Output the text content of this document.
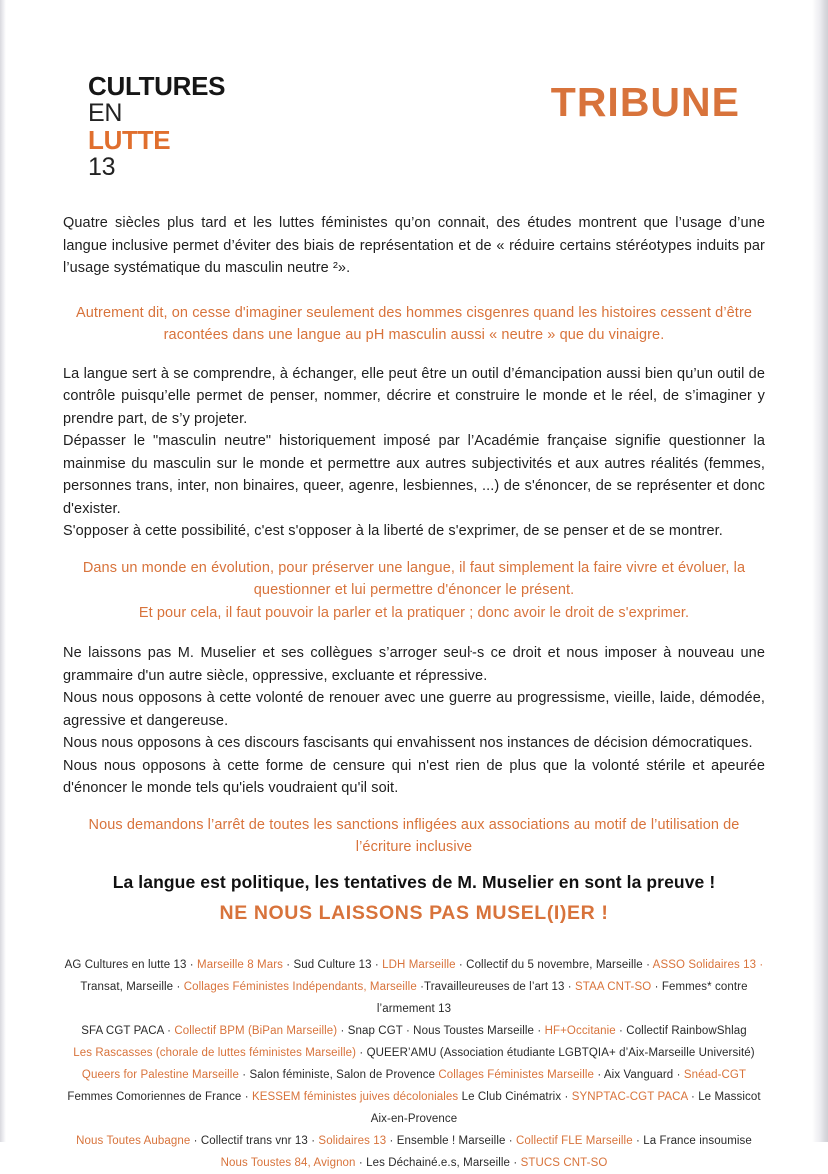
CULTURES
EN
LUTTE
13
TRIBUNE

Quatre siècles plus tard et les luttes féministes qu’on connait, des études montrent que l’usage d’une langue inclusive permet d’éviter des biais de représentation et de « réduire certains stéréotypes induits par l’usage systématique du masculin neutre ²».

Autrement dit, on cesse d'imaginer seulement des hommes cisgenres quand les histoires cessent d’être racontées dans une langue au pH masculin aussi « neutre » que du vinaigre.

La langue sert à se comprendre, à échanger, elle peut être un outil d’émancipation aussi bien qu’un outil de contrôle puisqu’elle permet de penser, nommer, décrire et construire le monde et le réel, de s’imaginer y prendre part, de s’y projeter.

Dépasser le "masculin neutre" historiquement imposé par l’Académie française signifie questionner la mainmise du masculin sur le monde et permettre aux autres subjectivités et aux autres réalités (femmes, personnes trans, inter, non binaires, queer, agenre, lesbiennes, ...) de s'énoncer, de se représenter et donc d'exister.

S'opposer à cette possibilité, c'est s'opposer à la liberté de s'exprimer, de se penser et de se montrer.

Dans un monde en évolution, pour préserver une langue, il faut simplement la faire vivre et évoluer, la questionner et lui permettre d'énoncer le présent.

Et pour cela, il faut pouvoir la parler et la pratiquer ; donc avoir le droit de s'exprimer.

Ne laissons pas M. Muselier et ses collègues s’arroger seuŀ-s ce droit et nous imposer à nouveau une grammaire d'un autre siècle, oppressive, excluante et répressive.

Nous nous opposons à cette volonté de renouer avec une guerre au progressisme, vieille, laide, démodée, agressive et dangereuse.

Nous nous opposons à ces discours fascisants qui envahissent nos instances de décision démocratiques.

Nous nous opposons à cette forme de censure qui n'est rien de plus que la volonté stérile et apeurée d'énoncer le monde tels qu'iels voudraient qu'il soit.

Nous demandons l’arrêt de toutes les sanctions infligées aux associations au motif de l’utilisation de l’écriture inclusive

La langue est politique, les tentatives de M. Muselier en sont la preuve !
NE NOUS LAISSONS PAS MUSEL(I)ER !
AG Cultures en lutte 13 · Marseille 8 Mars · Sud Culture 13 · LDH Marseille · Collectif du 5 novembre, Marseille · ASSO Solidaires 13 ·
Transat, Marseille · Collages Féministes Indépendants, Marseille ·Travailleureuses de l’art 13 · STAA CNT-SO · Femmes* contre l’armement 13
SFA CGT PACA · Collectif BPM (BiPan Marseille) · Snap CGT · Nous Toustes Marseille · HF+Occitanie · Collectif RainbowShlag
Les Rascasses (chorale de luttes féministes Marseille) · QUEER’AMU (Association étudiante LGBTQIA+ d’Aix-Marseille Université)
Queers for Palestine Marseille · Salon féministe, Salon de Provence Collages Féministes Marseille · Aix Vanguard · Snéad-CGT
Femmes Comoriennes de France · KESSEM féministes juives décoloniales Le Club Cinématrix · SYNPTAC-CGT PACA · Le Massicot Aix-en-Provence
Nous Toutes Aubagne · Collectif trans vnr 13 · Solidaires 13 · Ensemble ! Marseille · Collectif FLE Marseille · La France insoumise
Nous Toustes 84, Avignon · Les Déchainé.e.s, Marseille · STUCS CNT-SO
